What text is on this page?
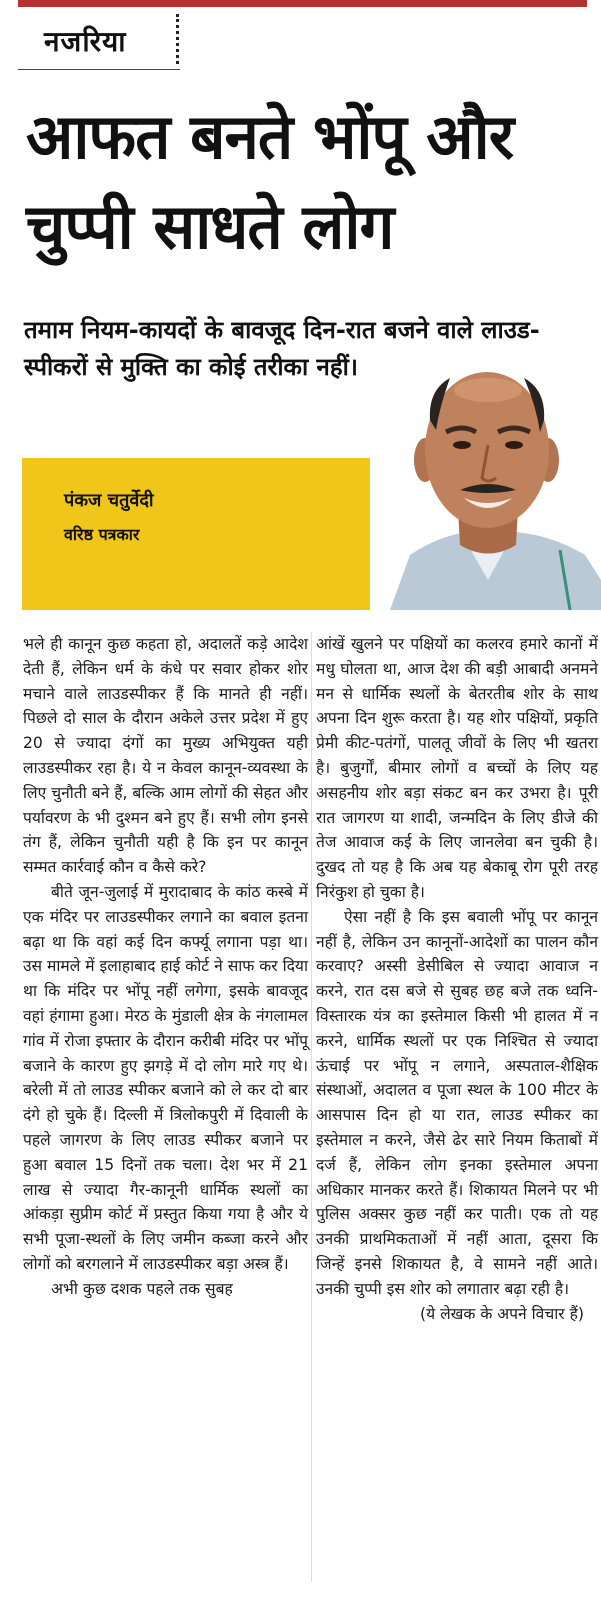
नजरिया
आफत बनते भोंपू और चुप्पी साधते लोग
तमाम नियम-कायदों के बावजूद दिन-रात बजने वाले लाउड-स्पीकरों से मुक्ति का कोई तरीका नहीं।
पंकज चतुर्वेदी
वरिष्ठ पत्रकार

भले ही कानून कुछ कहता हो, अदालतें कड़े आदेश देती हैं, लेकिन धर्म के कंधे पर सवार होकर शोर मचाने वाले लाउडस्पीकर हैं कि मानते ही नहीं। पिछले दो साल के दौरान अकेले उत्तर प्रदेश में हुए 20 से ज्यादा दंगों का मुख्य अभियुक्त यही लाउडस्पीकर रहा है। ये न केवल कानून-व्यवस्था के लिए चुनौती बने हैं, बल्कि आम लोगों की सेहत और पर्यावरण के भी दुश्मन बने हुए हैं। सभी लोग इनसे तंग हैं, लेकिन चुनौती यही है कि इन पर कानून सम्मत कार्रवाई कौन व कैसे करे?

बीते जून-जुलाई में मुरादाबाद के कांठ कस्बे में एक मंदिर पर लाउडस्पीकर लगाने का बवाल इतना बढ़ा था कि वहां कई दिन कर्फ्यू लगाना पड़ा था। उस मामले में इलाहाबाद हाई कोर्ट ने साफ कर दिया था कि मंदिर पर भोंपू नहीं लगेगा, इसके बावजूद वहां हंगामा हुआ। मेरठ के मुंडाली क्षेत्र के नंगलामल गांव में रोजा इफ्तार के दौरान करीबी मंदिर पर भोंपू बजाने के कारण हुए झगड़े में दो लोग मारे गए थे। बरेली में तो लाउड स्पीकर बजाने को ले कर दो बार दंगे हो चुके हैं। दिल्ली में त्रिलोकपुरी में दिवाली के पहले जागरण के लिए लाउड स्पीकर बजाने पर हुआ बवाल 15 दिनों तक चला। देश भर में 21 लाख से ज्यादा गैर-कानूनी धार्मिक स्थलों का आंकड़ा सुप्रीम कोर्ट में प्रस्तुत किया गया है और ये सभी पूजा-स्थलों के लिए जमीन कब्जा करने और लोगों को बरगलाने में लाउडस्पीकर बड़ा अस्त्र हैं।

अभी कुछ दशक पहले तक सुबह

आंखें खुलने पर पक्षियों का कलरव हमारे कानों में मधु घोलता था, आज देश की बड़ी आबादी अनमने मन से धार्मिक स्थलों के बेतरतीब शोर के साथ अपना दिन शुरू करता है। यह शोर पक्षियों, प्रकृति प्रेमी कीट-पतंगों, पालतू जीवों के लिए भी खतरा है। बुजुर्गों, बीमार लोगों व बच्चों के लिए यह असहनीय शोर बड़ा संकट बन कर उभरा है। पूरी रात जागरण या शादी, जन्मदिन के लिए डीजे की तेज आवाज कई के लिए जानलेवा बन चुकी है। दुखद तो यह है कि अब यह बेकाबू रोग पूरी तरह निरंकुश हो चुका है।

ऐसा नहीं है कि इस बवाली भोंपू पर कानून नहीं है, लेकिन उन कानूनों-आदेशों का पालन कौन करवाए? अस्सी डेसीबिल से ज्यादा आवाज न करने, रात दस बजे से सुबह छह बजे तक ध्वनि-विस्तारक यंत्र का इस्तेमाल किसी भी हालत में न करने, धार्मिक स्थलों पर एक निश्चित से ज्यादा ऊंचाई पर भोंपू न लगाने, अस्पताल-शैक्षिक संस्थाओं, अदालत व पूजा स्थल के 100 मीटर के आसपास दिन हो या रात, लाउड स्पीकर का इस्तेमाल न करने, जैसे ढेर सारे नियम किताबों में दर्ज हैं, लेकिन लोग इनका इस्तेमाल अपना अधिकार मानकर करते हैं। शिकायत मिलने पर भी पुलिस अक्सर कुछ नहीं कर पाती। एक तो यह उनकी प्राथमिकताओं में नहीं आता, दूसरा कि जिन्हें इनसे शिकायत है, वे सामने नहीं आते। उनकी चुप्पी इस शोर को लगातार बढ़ा रही है।

(ये लेखक के अपने विचार हैं)
